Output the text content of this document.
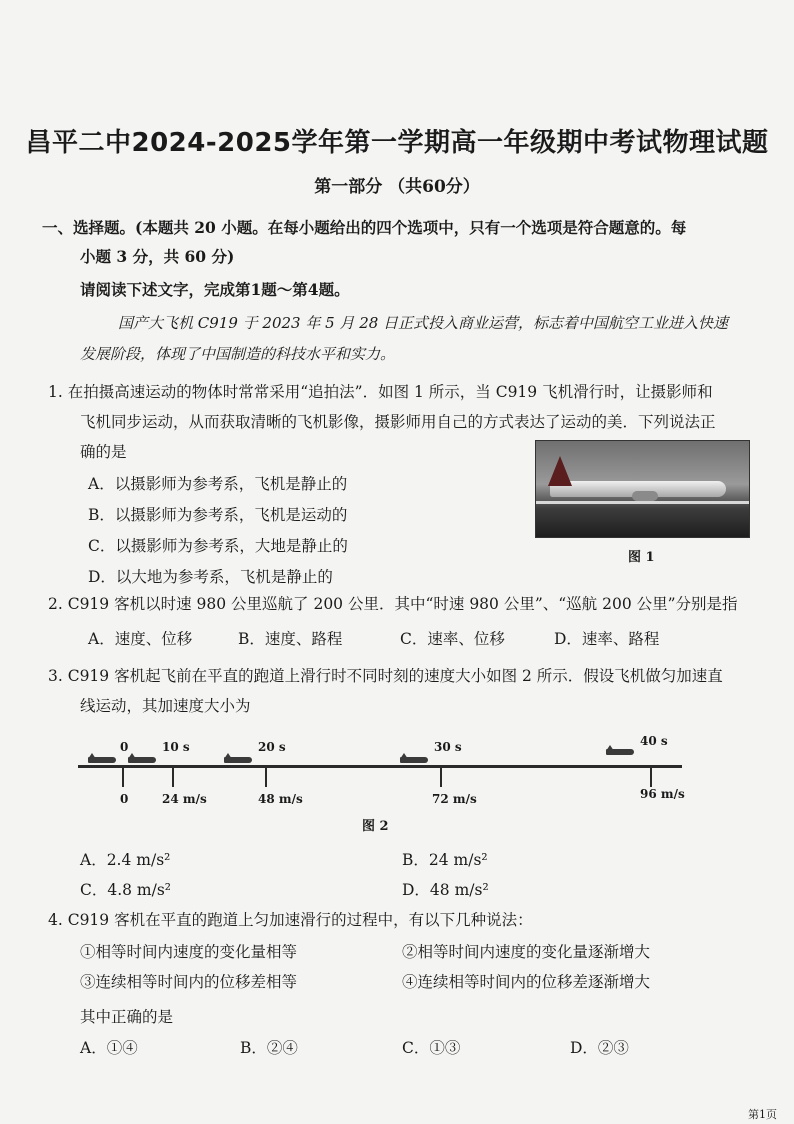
昌平二中2024-2025学年第一学期高一年级期中考试物理试题
第一部分 （共60分）
一、选择题。(本题共 20 小题。在每小题给出的四个选项中，只有一个选项是符合题意的。每
小题 3 分，共 60 分)
请阅读下述文字，完成第1题～第4题。
国产大飞机 C919 于 2023 年 5 月 28 日正式投入商业运营，标志着中国航空工业进入快速
发展阶段，体现了中国制造的科技水平和实力。
1. 在拍摄高速运动的物体时常常采用“追拍法”．如图 1 所示，当 C919 飞机滑行时，让摄影师和
飞机同步运动，从而获取清晰的飞机影像，摄影师用自己的方式表达了运动的美．下列说法正
确的是
A．以摄影师为参考系，飞机是静止的
B．以摄影师为参考系，飞机是运动的
C．以摄影师为参考系，大地是静止的
D．以大地为参考系，飞机是静止的
图 1
2. C919 客机以时速 980 公里巡航了 200 公里．其中“时速 980 公里”、“巡航 200 公里”分别是指
A．速度、位移	B．速度、路程	C．速率、位移	D．速率、路程
3. C919 客机起飞前在平直的跑道上滑行时不同时刻的速度大小如图 2 所示．假设飞机做匀加速直
线运动，其加速度大小为
0	10 s	20 s	30 s	40 s
0	24 m/s	48 m/s	72 m/s	96 m/s
图 2
A．2.4 m/s²	B．24 m/s²
C．4.8 m/s²	D．48 m/s²
4. C919 客机在平直的跑道上匀加速滑行的过程中，有以下几种说法：
①相等时间内速度的变化量相等	②相等时间内速度的变化量逐渐增大
③连续相等时间内的位移差相等	④连续相等时间内的位移差逐渐增大
其中正确的是
A．①④	B．②④	C．①③	D．②③
第1页
